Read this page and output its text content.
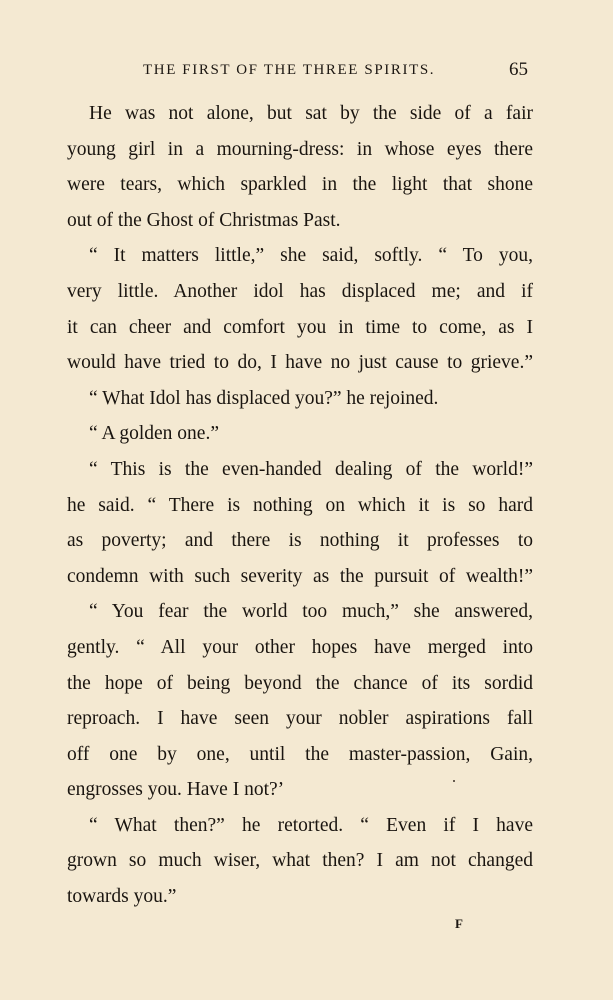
THE FIRST OF THE THREE SPIRITS.	65
He was not alone, but sat by the side of a fair
young girl in a mourning-dress: in whose eyes there
were tears, which sparkled in the light that shone
out of the Ghost of Christmas Past.
“ It matters little,” she said, softly. “ To you,
very little. Another idol has displaced me; and if
it can cheer and comfort you in time to come, as I
would have tried to do, I have no just cause to grieve.”
“ What Idol has displaced you?” he rejoined.
“ A golden one.”
“ This is the even-handed dealing of the world!”
he said. “ There is nothing on which it is so hard
as poverty; and there is nothing it professes to
condemn with such severity as the pursuit of wealth!”
“ You fear the world too much,” she answered,
gently. “ All your other hopes have merged into
the hope of being beyond the chance of its sordid
reproach. I have seen your nobler aspirations fall
off one by one, until the master-passion, Gain,
engrosses you. Have I not?’
“ What then?” he retorted. “ Even if I have
grown so much wiser, what then? I am not changed
towards you.”
F
